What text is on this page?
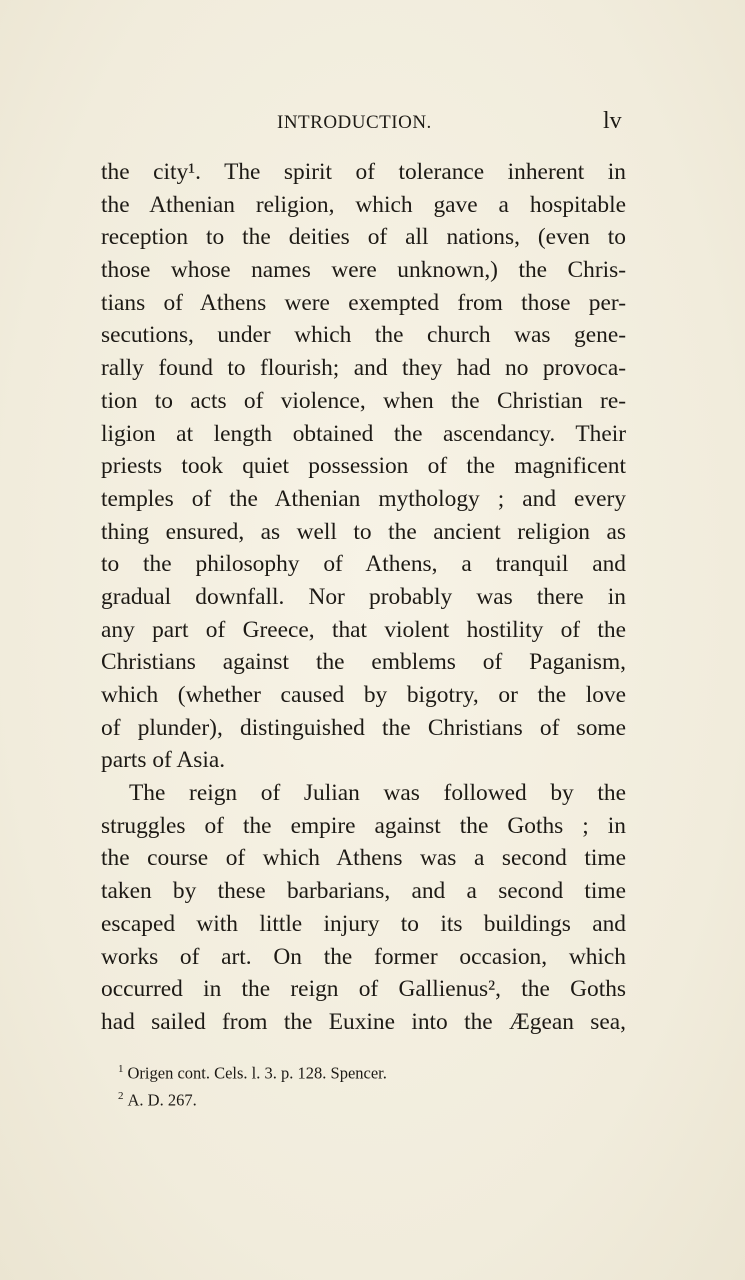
INTRODUCTION.	lv
the city¹. The spirit of tolerance inherent in
the Athenian religion, which gave a hospitable
reception to the deities of all nations, (even to
those whose names were unknown,) the Chris-
tians of Athens were exempted from those per-
secutions, under which the church was gene-
rally found to flourish; and they had no provoca-
tion to acts of violence, when the Christian re-
ligion at length obtained the ascendancy. Their
priests took quiet possession of the magnificent
temples of the Athenian mythology ; and every
thing ensured, as well to the ancient religion as
to the philosophy of Athens, a tranquil and
gradual downfall. Nor probably was there in
any part of Greece, that violent hostility of the
Christians against the emblems of Paganism,
which (whether caused by bigotry, or the love
of plunder), distinguished the Christians of some
parts of Asia.
The reign of Julian was followed by the
struggles of the empire against the Goths ; in
the course of which Athens was a second time
taken by these barbarians, and a second time
escaped with little injury to its buildings and
works of art. On the former occasion, which
occurred in the reign of Gallienus², the Goths
had sailed from the Euxine into the Ægean sea,
$^1$ Origen cont. Cels. l. 3. p. 128. Spencer.
$^2$ A. D. 267.
